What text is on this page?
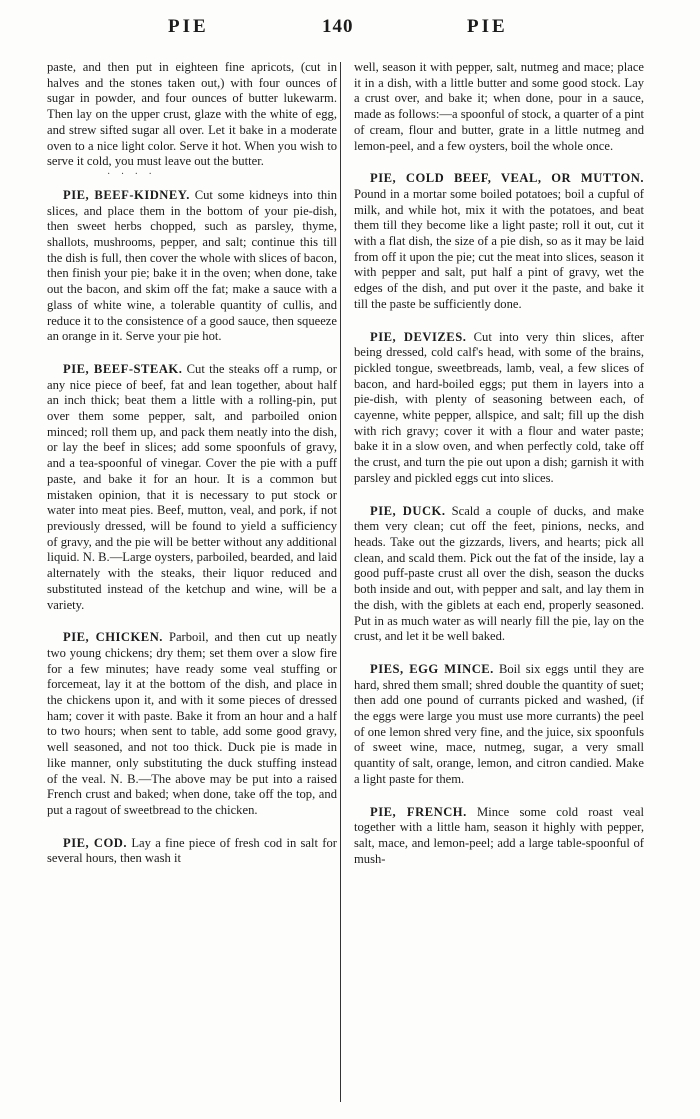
PIE	140	PIE

paste, and then put in eighteen fine apricots, (cut in halves and the stones taken out,) with four ounces of sugar in powder, and four ounces of butter lukewarm. Then lay on the upper crust, glaze with the white of egg, and strew sifted sugar all over. Let it bake in a moderate oven to a nice light color. Serve it hot. When you wish to serve it cold, you must leave out the butter.

· · · ·

PIE, BEEF-KIDNEY. Cut some kidneys into thin slices, and place them in the bottom of your pie-dish, then sweet herbs chopped, such as parsley, thyme, shallots, mushrooms, pepper, and salt; continue this till the dish is full, then cover the whole with slices of bacon, then finish your pie; bake it in the oven; when done, take out the bacon, and skim off the fat; make a sauce with a glass of white wine, a tolerable quantity of cullis, and reduce it to the consistence of a good sauce, then squeeze an orange in it. Serve your pie hot.

PIE, BEEF-STEAK. Cut the steaks off a rump, or any nice piece of beef, fat and lean together, about half an inch thick; beat them a little with a rolling-pin, put over them some pepper, salt, and parboiled onion minced; roll them up, and pack them neatly into the dish, or lay the beef in slices; add some spoonfuls of gravy, and a tea-spoonful of vinegar. Cover the pie with a puff paste, and bake it for an hour. It is a common but mistaken opinion, that it is necessary to put stock or water into meat pies. Beef, mutton, veal, and pork, if not previously dressed, will be found to yield a sufficiency of gravy, and the pie will be better without any additional liquid. N. B.—Large oysters, parboiled, bearded, and laid alternately with the steaks, their liquor reduced and substituted instead of the ketchup and wine, will be a variety.

PIE, CHICKEN. Parboil, and then cut up neatly two young chickens; dry them; set them over a slow fire for a few minutes; have ready some veal stuffing or forcemeat, lay it at the bottom of the dish, and place in the chickens upon it, and with it some pieces of dressed ham; cover it with paste. Bake it from an hour and a half to two hours; when sent to table, add some good gravy, well seasoned, and not too thick. Duck pie is made in like manner, only substituting the duck stuffing instead of the veal. N. B.—The above may be put into a raised French crust and baked; when done, take off the top, and put a ragout of sweetbread to the chicken.

PIE, COD. Lay a fine piece of fresh cod in salt for several hours, then wash it

well, season it with pepper, salt, nutmeg and mace; place it in a dish, with a little butter and some good stock. Lay a crust over, and bake it; when done, pour in a sauce, made as follows:—a spoonful of stock, a quarter of a pint of cream, flour and butter, grate in a little nutmeg and lemon-peel, and a few oysters, boil the whole once.

PIE, COLD BEEF, VEAL, OR MUTTON. Pound in a mortar some boiled potatoes; boil a cupful of milk, and while hot, mix it with the potatoes, and beat them till they become like a light paste; roll it out, cut it with a flat dish, the size of a pie dish, so as it may be laid from off it upon the pie; cut the meat into slices, season it with pepper and salt, put half a pint of gravy, wet the edges of the dish, and put over it the paste, and bake it till the paste be sufficiently done.

PIE, DEVIZES. Cut into very thin slices, after being dressed, cold calf's head, with some of the brains, pickled tongue, sweetbreads, lamb, veal, a few slices of bacon, and hard-boiled eggs; put them in layers into a pie-dish, with plenty of seasoning between each, of cayenne, white pepper, allspice, and salt; fill up the dish with rich gravy; cover it with a flour and water paste; bake it in a slow oven, and when perfectly cold, take off the crust, and turn the pie out upon a dish; garnish it with parsley and pickled eggs cut into slices.

PIE, DUCK. Scald a couple of ducks, and make them very clean; cut off the feet, pinions, necks, and heads. Take out the gizzards, livers, and hearts; pick all clean, and scald them. Pick out the fat of the inside, lay a good puff-paste crust all over the dish, season the ducks both inside and out, with pepper and salt, and lay them in the dish, with the giblets at each end, properly seasoned. Put in as much water as will nearly fill the pie, lay on the crust, and let it be well baked.

PIES, EGG MINCE. Boil six eggs until they are hard, shred them small; shred double the quantity of suet; then add one pound of currants picked and washed, (if the eggs were large you must use more currants) the peel of one lemon shred very fine, and the juice, six spoonfuls of sweet wine, mace, nutmeg, sugar, a very small quantity of salt, orange, lemon, and citron candied. Make a light paste for them.

PIE, FRENCH. Mince some cold roast veal together with a little ham, season it highly with pepper, salt, mace, and lemon-peel; add a large table-spoonful of mush-
